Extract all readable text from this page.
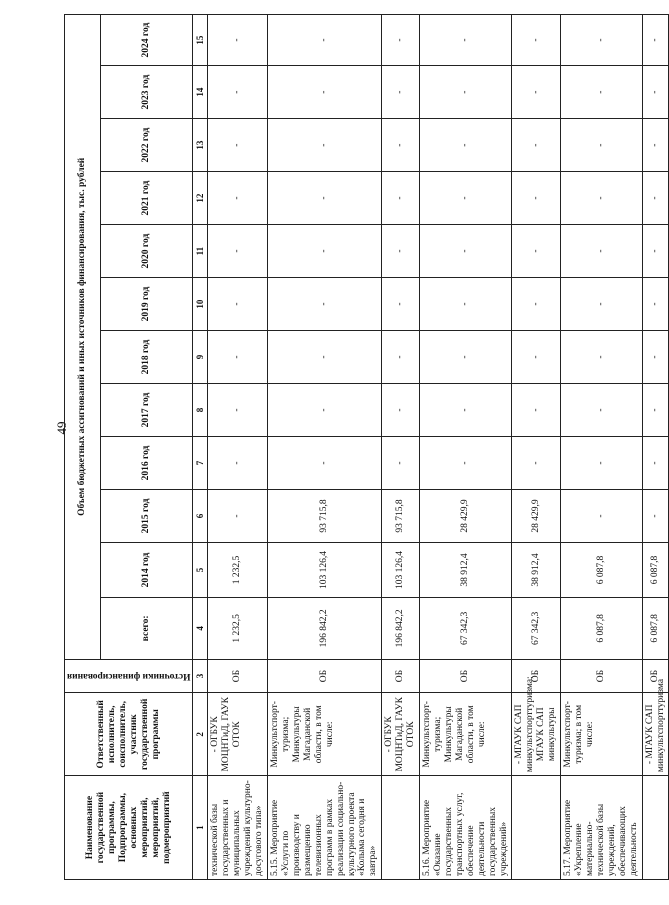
49
Наименование государственной программы, Подпрограммы, основных мероприятий, мероприятий, подмероприятий	Ответственный исполнитель, соисполнитель, участник государственной программы	Источники финансирования	Объем бюджетных ассигнований и иных источников финансирования, тыс. рублей											
			всего:	2014 год	2015 год	2016 год	2017 год	2018 год	2019 год	2020 год	2021 год	2022 год	2023 год	2024 год
1	2	3	4	5	6	7	8	9	10	11	12	13	14	15
технической базы государственных и муниципальных учреждений культурно-досугового типа»	- ОГБУК МОЦНТиД, ГАУК ОТОК	ОБ	1 232,5	1 232,5	-	-	-	-	-	-	-	-	-	-
5.15. Мероприятие «Услуги по производству и размещению телевизионных программ в рамках реализации социально-культурного проекта «Колыма сегодня и завтра»	Минкультспорт-туризма; Минкультуры Магаданской области, в том числе:	ОБ	196 842,2	103 126,4	93 715,8	-	-	-	-	-	-	-	-	-
	- ОГБУК МОЦНТиД, ГАУК ОТОК	ОБ	196 842,2	103 126,4	93 715,8	-	-	-	-	-	-	-	-	-
5.16. Мероприятие «Оказание государственных транспортных услуг, обеспечение деятельности государственных учреждений»	Минкультспорт-туризма; Минкультуры Магаданской области, в том числе:	ОБ	67 342,3	38 912,4	28 429,9	-	-	-	-	-	-	-	-	-
	- МГАУК САП минкультспорттуризма; МГАУК САП минкультуры	ОБ	67 342,3	38 912,4	28 429,9	-	-	-	-	-	-	-	-	-
5.17. Мероприятие «Укрепление материально-технической базы учреждений, обеспечивающих деятельность	Минкультспорт-туризма; в том числе:	ОБ	6 087,8	6 087,8	-	-	-	-	-	-	-	-	-	-
	- МГАУК САП минкультспорттуризма	ОБ	6 087,8	6 087,8	-	-	-	-	-	-	-	-	-	-
